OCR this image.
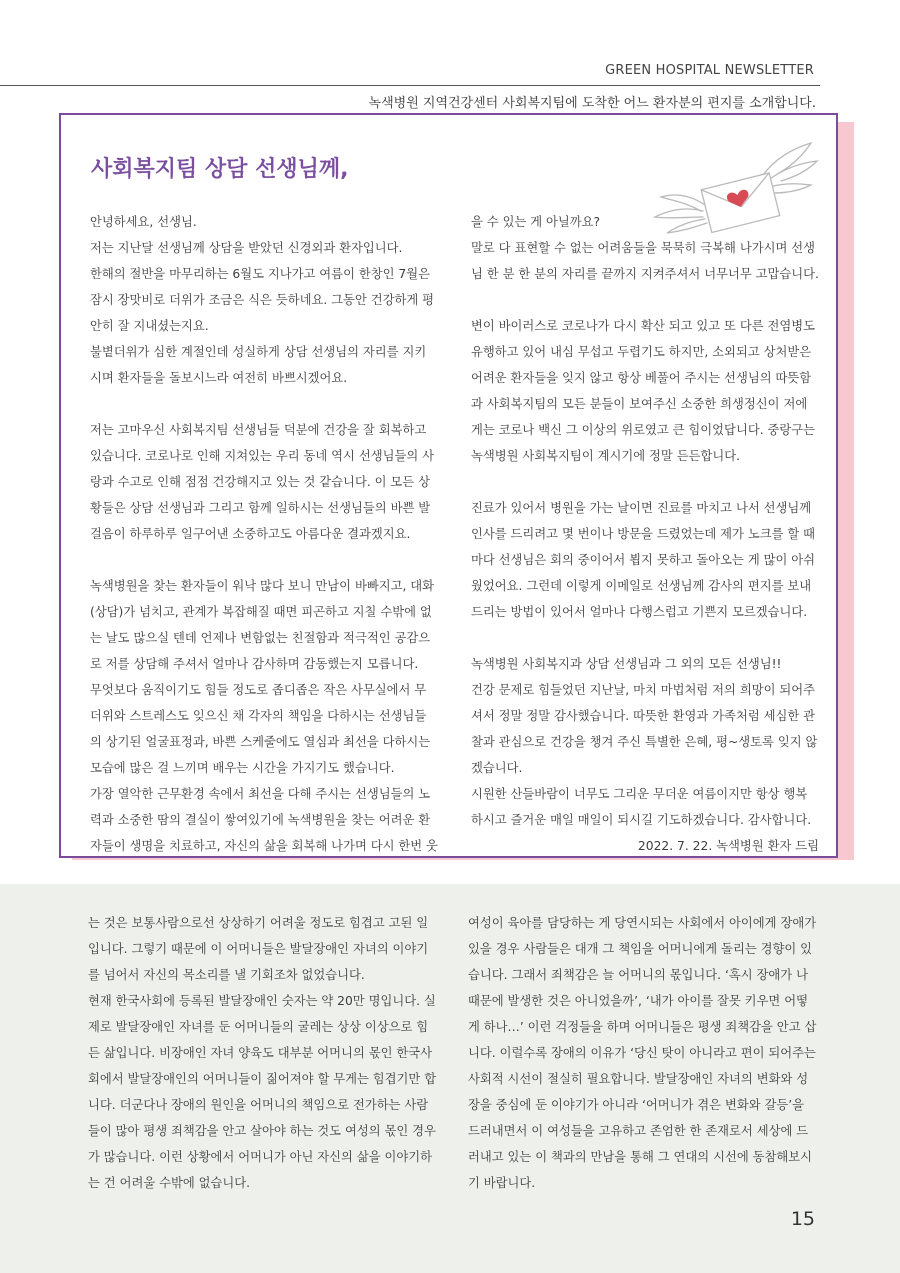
GREEN HOSPITAL NEWSLETTER
녹색병원 지역건강센터 사회복지팀에 도착한 어느 환자분의 편지를 소개합니다.
사회복지팀 상담 선생님께,

안녕하세요, 선생님.

저는 지난달 선생님께 상담을 받았던 신경외과 환자입니다.

한해의 절반을 마무리하는 6월도 지나가고 여름이 한창인 7월은 잠시 장맛비로 더위가 조금은 식은 듯하네요. 그동안 건강하게 평안히 잘 지내셨는지요.

불볕더위가 심한 계절인데 성실하게 상담 선생님의 자리를 지키시며 환자들을 돌보시느라 여전히 바쁘시겠어요.

저는 고마우신 사회복지팀 선생님들 덕분에 건강을 잘 회복하고 있습니다. 코로나로 인해 지쳐있는 우리 동네 역시 선생님들의 사랑과 수고로 인해 점점 건강해지고 있는 것 같습니다. 이 모든 상황들은 상담 선생님과 그리고 함께 일하시는 선생님들의 바쁜 발걸음이 하루하루 일구어낸 소중하고도 아름다운 결과겠지요.

녹색병원을 찾는 환자들이 워낙 많다 보니 만남이 바빠지고, 대화(상담)가 넘치고, 관계가 복잡해질 때면 피곤하고 지칠 수밖에 없는 날도 많으실 텐데 언제나 변함없는 친절함과 적극적인 공감으로 저를 상담해 주셔서 얼마나 감사하며 감동했는지 모릅니다.

무엇보다 움직이기도 힘들 정도로 좁디좁은 작은 사무실에서 무더위와 스트레스도 잊으신 채 각자의 책임을 다하시는 선생님들의 상기된 얼굴표정과, 바쁜 스케줄에도 열심과 최선을 다하시는 모습에 많은 걸 느끼며 배우는 시간을 가지기도 했습니다.

가장 열악한 근무환경 속에서 최선을 다해 주시는 선생님들의 노력과 소중한 땀의 결실이 쌓여있기에 녹색병원을 찾는 어려운 환자들이 생명을 치료하고, 자신의 삶을 회복해 나가며 다시 한번 웃

을 수 있는 게 아닐까요?

말로 다 표현할 수 없는 어려움들을 묵묵히 극복해 나가시며 선생님 한 분 한 분의 자리를 끝까지 지켜주셔서 너무너무 고맙습니다.

변이 바이러스로 코로나가 다시 확산 되고 있고 또 다른 전염병도 유행하고 있어 내심 무섭고 두렵기도 하지만, 소외되고 상처받은 어려운 환자들을 잊지 않고 항상 베풀어 주시는 선생님의 따뜻함과 사회복지팀의 모든 분들이 보여주신 소중한 희생정신이 저에게는 코로나 백신 그 이상의 위로였고 큰 힘이었답니다. 중랑구는 녹색병원 사회복지팀이 계시기에 정말 든든합니다.

진료가 있어서 병원을 가는 날이면 진료를 마치고 나서 선생님께 인사를 드리려고 몇 번이나 방문을 드렸었는데 제가 노크를 할 때마다 선생님은 회의 중이어서 뵙지 못하고 돌아오는 게 많이 아쉬웠었어요. 그런데 이렇게 이메일로 선생님께 감사의 편지를 보내드리는 방법이 있어서 얼마나 다행스럽고 기쁜지 모르겠습니다.

녹색병원 사회복지과 상담 선생님과 그 외의 모든 선생님!!

건강 문제로 힘들었던 지난날, 마치 마법처럼 저의 희망이 되어주셔서 정말 정말 감사했습니다. 따뜻한 환영과 가족처럼 세심한 관찰과 관심으로 건강을 챙겨 주신 특별한 은혜, 평~생토록 잊지 않겠습니다.

시원한 산들바람이 너무도 그리운 무더운 여름이지만 항상 행복하시고 즐거운 매일 매일이 되시길 기도하겠습니다. 감사합니다.

2022. 7. 22. 녹색병원 환자 드림

는 것은 보통사람으로선 상상하기 어려울 정도로 힘겹고 고된 일입니다. 그렇기 때문에 이 어머니들은 발달장애인 자녀의 이야기를 넘어서 자신의 목소리를 낼 기회조차 없었습니다.

현재 한국사회에 등록된 발달장애인 숫자는 약 20만 명입니다. 실제로 발달장애인 자녀를 둔 어머니들의 굴레는 상상 이상으로 힘든 삶입니다. 비장애인 자녀 양육도 대부분 어머니의 몫인 한국사회에서 발달장애인의 어머니들이 짊어져야 할 무게는 힘겹기만 합니다. 더군다나 장애의 원인을 어머니의 책임으로 전가하는 사람들이 많아 평생 죄책감을 안고 살아야 하는 것도 여성의 몫인 경우가 많습니다. 이런 상황에서 어머니가 아닌 자신의 삶을 이야기하는 건 어려울 수밖에 없습니다.

여성이 육아를 담당하는 게 당연시되는 사회에서 아이에게 장애가 있을 경우 사람들은 대개 그 책임을 어머니에게 돌리는 경향이 있습니다. 그래서 죄책감은 늘 어머니의 몫입니다. ‘혹시 장애가 나 때문에 발생한 것은 아니었을까’, ‘내가 아이를 잘못 키우면 어떻게 하나…’ 이런 걱정들을 하며 어머니들은 평생 죄책감을 안고 삽니다. 이럴수록 장애의 이유가 ‘당신 탓이 아니라고 편이 되어주는 사회적 시선이 절실히 필요합니다. 발달장애인 자녀의 변화와 성장을 중심에 둔 이야기가 아니라 ‘어머니가 겪은 변화와 갈등’을 드러내면서 이 여성들을 고유하고 존엄한 한 존재로서 세상에 드러내고 있는 이 책과의 만남을 통해 그 연대의 시선에 동참해보시기 바랍니다.

15
